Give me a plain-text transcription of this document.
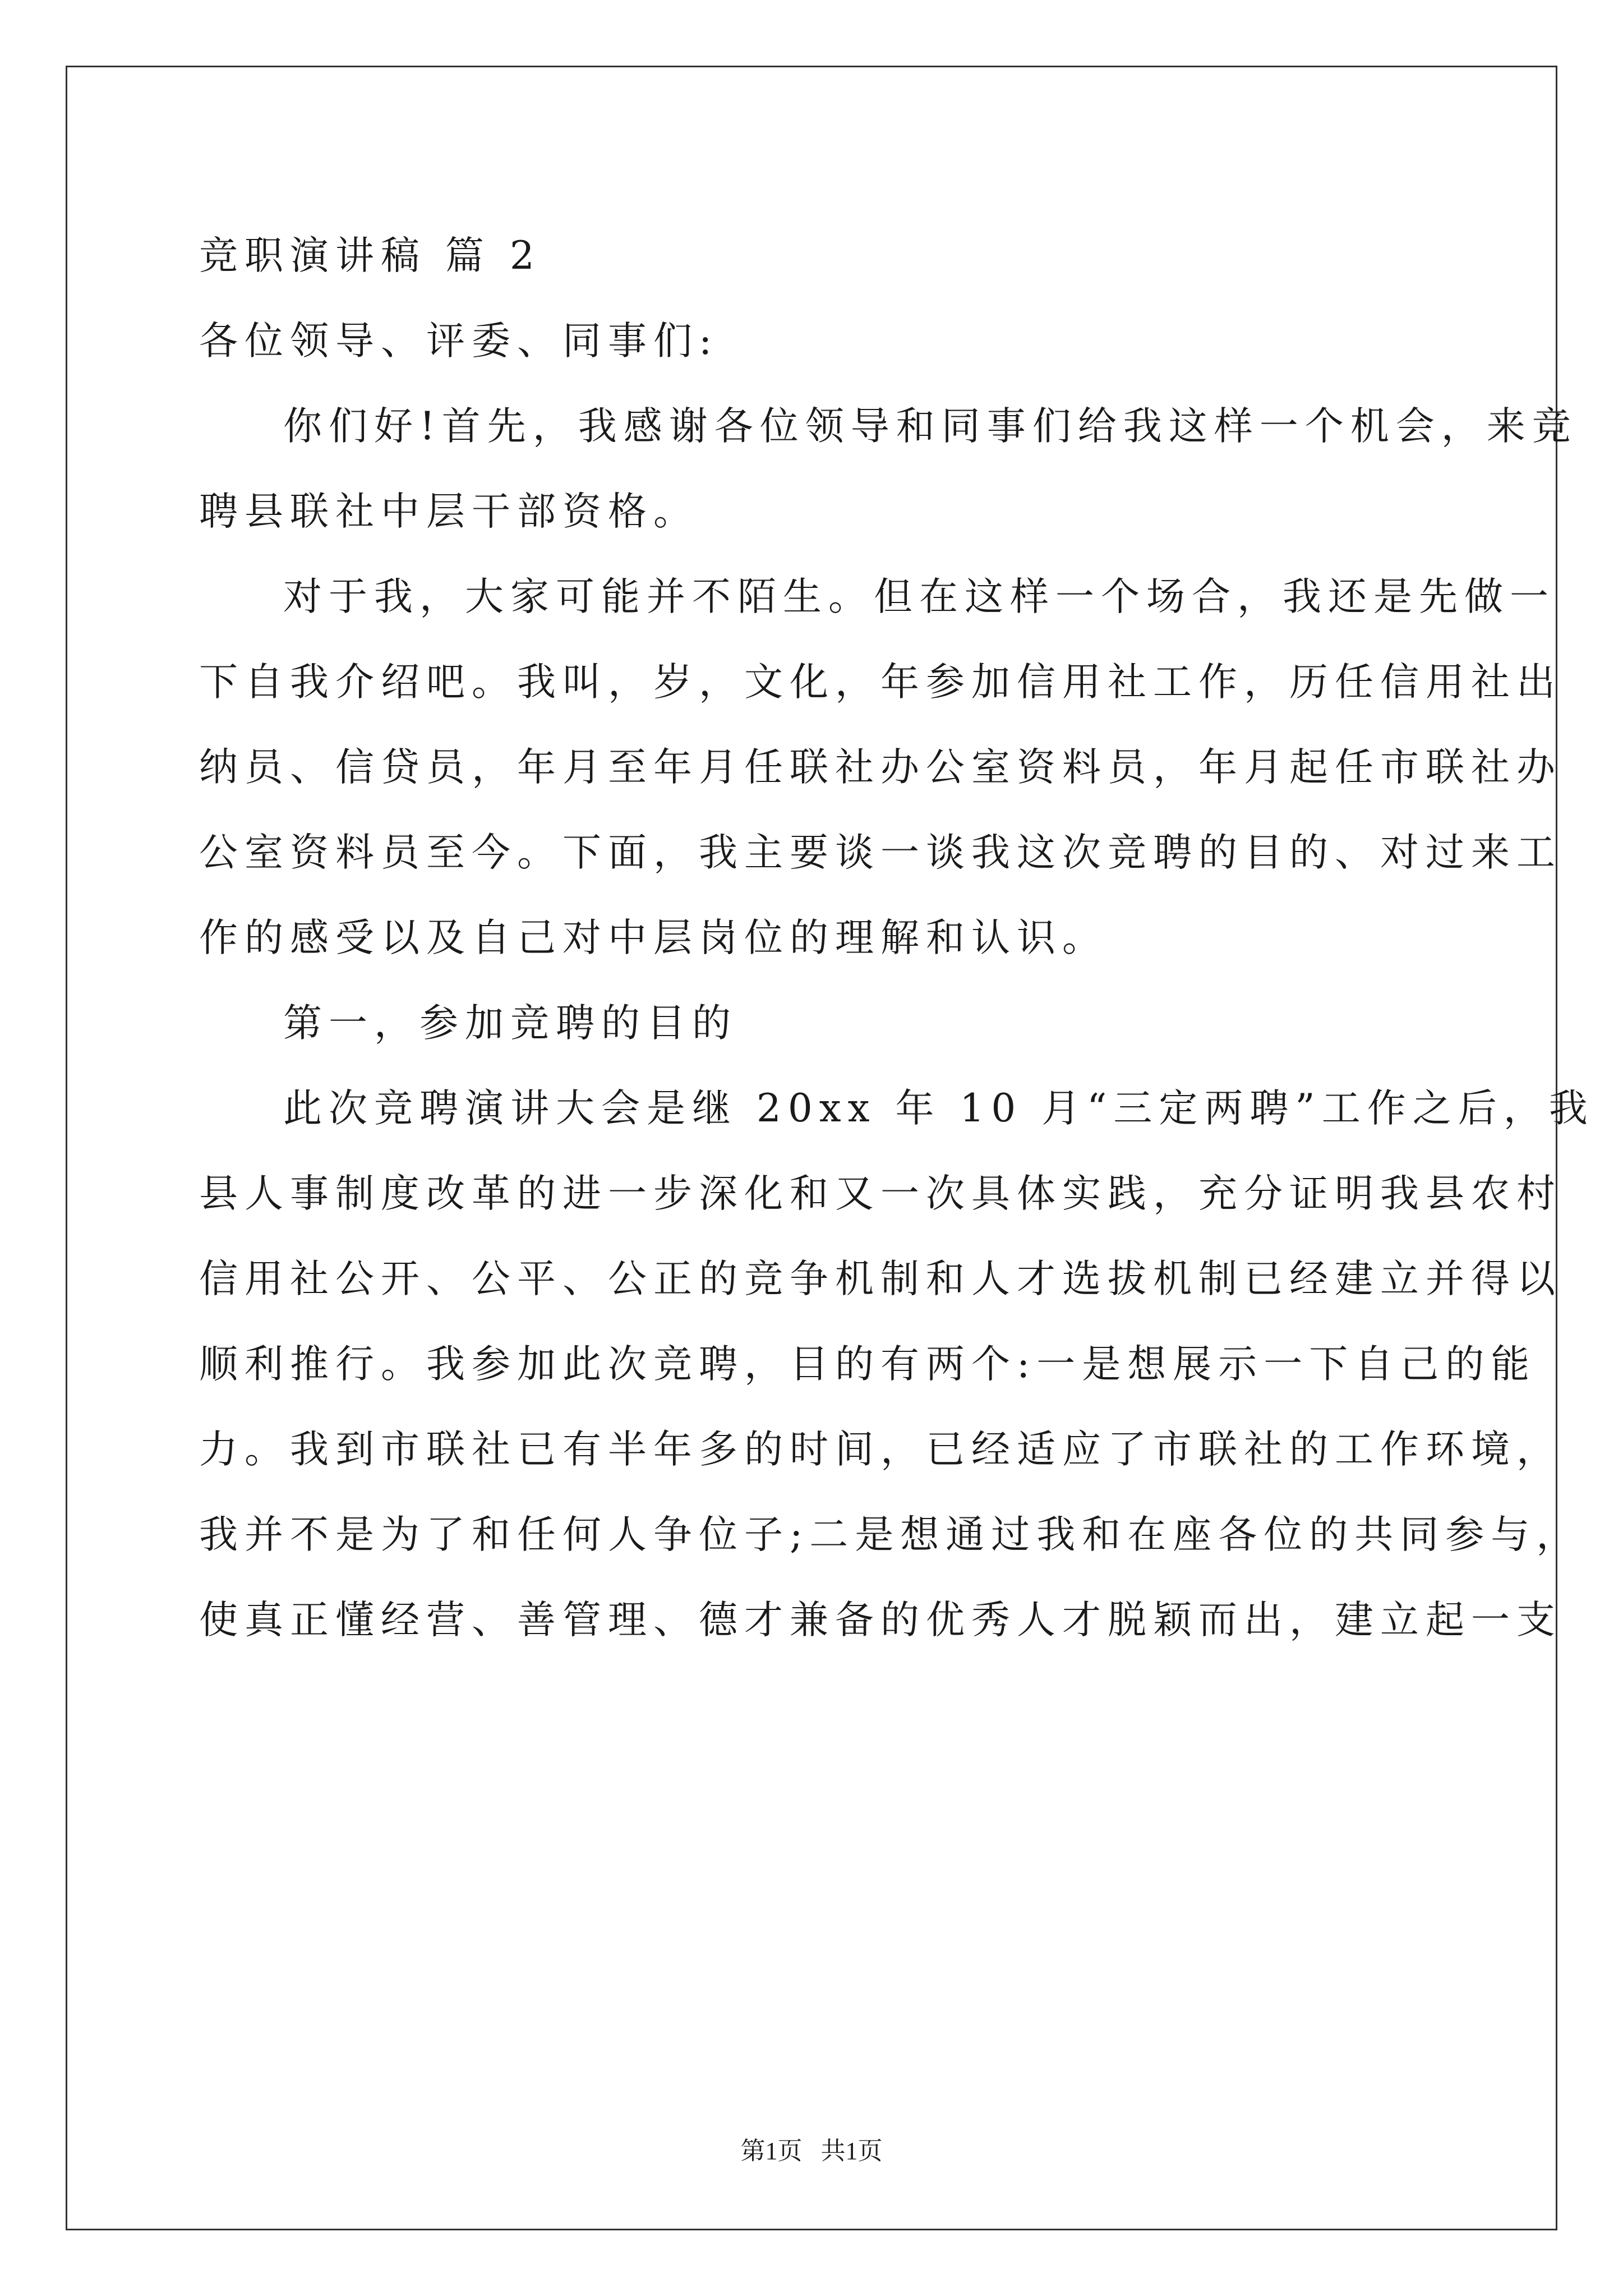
竞职演讲稿 篇 2

各位领导、评委、同事们:

你们好!首先，我感谢各位领导和同事们给我这样一个机会，来竞

聘县联社中层干部资格。

对于我，大家可能并不陌生。但在这样一个场合，我还是先做一

下自我介绍吧。我叫，岁，文化，年参加信用社工作，历任信用社出

纳员、信贷员，年月至年月任联社办公室资料员，年月起任市联社办

公室资料员至今。下面，我主要谈一谈我这次竞聘的目的、对过来工

作的感受以及自己对中层岗位的理解和认识。

第一，参加竞聘的目的

此次竞聘演讲大会是继 20xx 年 10 月“三定两聘”工作之后，我

县人事制度改革的进一步深化和又一次具体实践，充分证明我县农村

信用社公开、公平、公正的竞争机制和人才选拔机制已经建立并得以

顺利推行。我参加此次竞聘，目的有两个:一是想展示一下自己的能

力。我到市联社已有半年多的时间，已经适应了市联社的工作环境，

我并不是为了和任何人争位子;二是想通过我和在座各位的共同参与，

使真正懂经营、善管理、德才兼备的优秀人才脱颖而出，建立起一支

第1页 共1页
